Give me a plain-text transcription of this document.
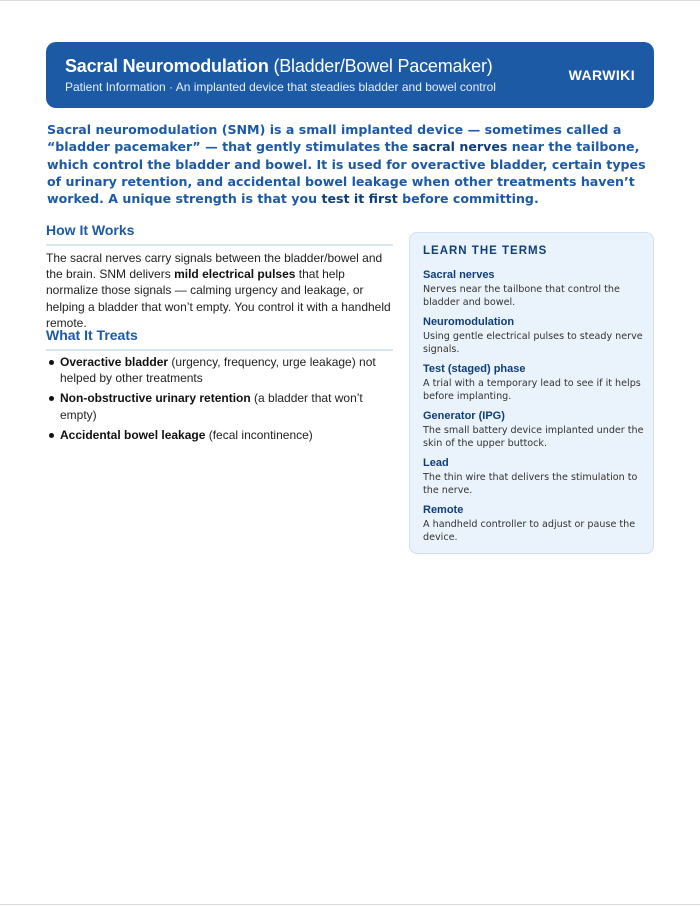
Sacral Neuromodulation (Bladder/Bowel Pacemaker)
Patient Information · An implanted device that steadies bladder and bowel control
WARWIKI

Sacral neuromodulation (SNM) is a small implanted device — sometimes called a “bladder pacemaker” — that gently stimulates the sacral nerves near the tailbone, which control the bladder and bowel. It is used for overactive bladder, certain types of urinary retention, and accidental bowel leakage when other treatments haven’t worked. A unique strength is that you test it first before committing.

How It Works

The sacral nerves carry signals between the bladder/bowel and the brain. SNM delivers mild electrical pulses that help normalize those signals — calming urgency and leakage, or helping a bladder that won’t empty. You control it with a handheld remote.

What It Treats
Overactive bladder (urgency, frequency, urge leakage) not helped by other treatments
Non-obstructive urinary retention (a bladder that won’t empty)
Accidental bowel leakage (fecal incontinence)
LEARN THE TERMS
Sacral nerves
Nerves near the tailbone that control the bladder and bowel.
Neuromodulation
Using gentle electrical pulses to steady nerve signals.
Test (staged) phase
A trial with a temporary lead to see if it helps before implanting.
Generator (IPG)
The small battery device implanted under the skin of the upper buttock.
Lead
The thin wire that delivers the stimulation to the nerve.
Remote
A handheld controller to adjust or pause the device.
